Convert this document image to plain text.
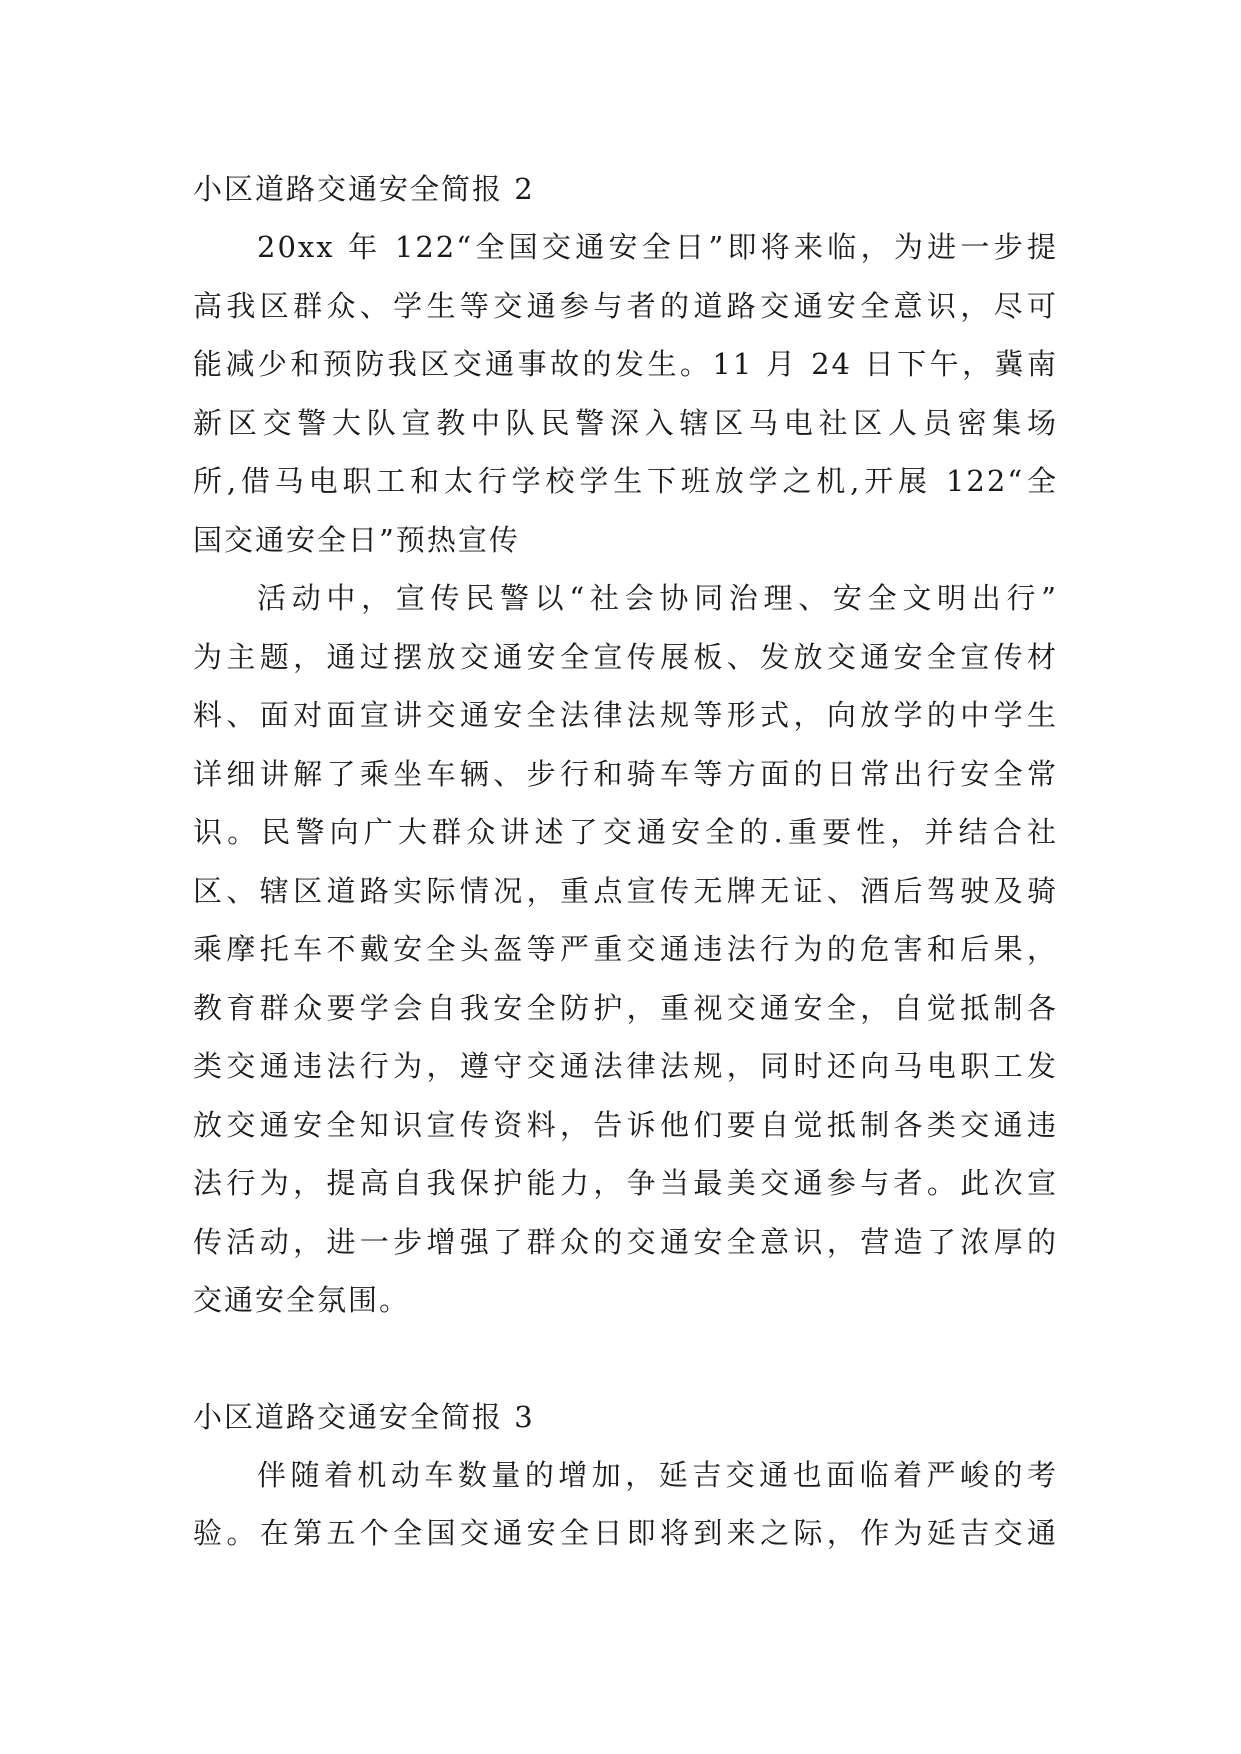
小区道路交通安全简报 2
20xx 年 122“全国交通安全日”即将来临，为进一步提
高我区群众、学生等交通参与者的道路交通安全意识，尽可
能减少和预防我区交通事故的发生。11 月 24 日下午，冀南
新区交警大队宣教中队民警深入辖区马电社区人员密集场
所,借马电职工和太行学校学生下班放学之机,开展 122“全
国交通安全日”预热宣传
活动中，宣传民警以“社会协同治理、安全文明出行”
为主题，通过摆放交通安全宣传展板、发放交通安全宣传材
料、面对面宣讲交通安全法律法规等形式，向放学的中学生
详细讲解了乘坐车辆、步行和骑车等方面的日常出行安全常
识。民警向广大群众讲述了交通安全的.重要性，并结合社
区、辖区道路实际情况，重点宣传无牌无证、酒后驾驶及骑
乘摩托车不戴安全头盔等严重交通违法行为的危害和后果，
教育群众要学会自我安全防护，重视交通安全，自觉抵制各
类交通违法行为，遵守交通法律法规，同时还向马电职工发
放交通安全知识宣传资料，告诉他们要自觉抵制各类交通违
法行为，提高自我保护能力，争当最美交通参与者。此次宣
传活动，进一步增强了群众的交通安全意识，营造了浓厚的
交通安全氛围。
小区道路交通安全简报 3
伴随着机动车数量的增加，延吉交通也面临着严峻的考
验。在第五个全国交通安全日即将到来之际，作为延吉交通
